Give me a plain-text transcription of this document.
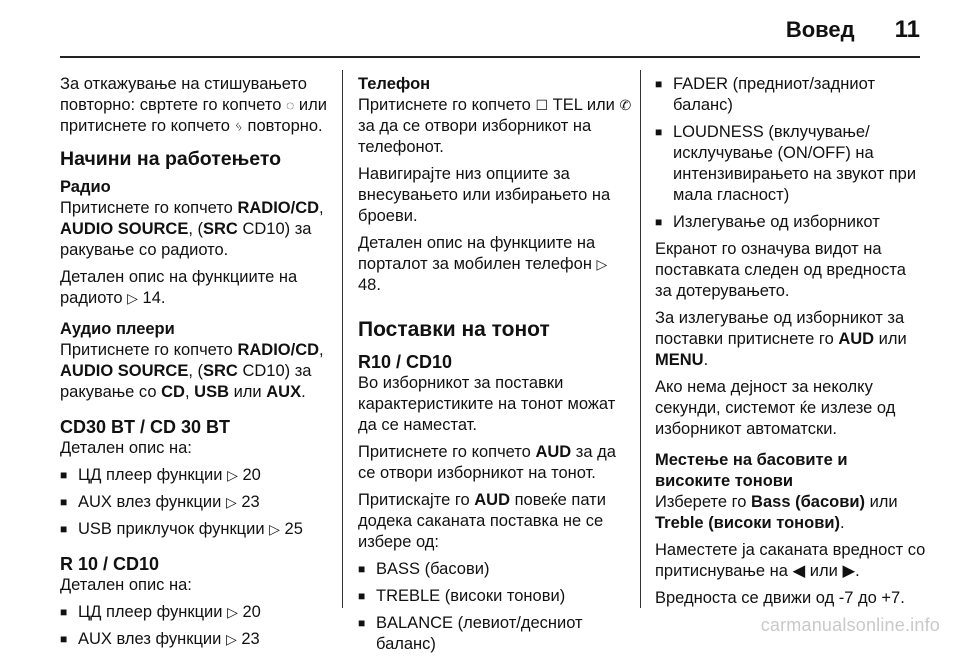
Вовед 11

За откажување на стишувањето повторно: свртете го копчето ◌ или притиснете го копчето ᛃ повторно.

Начини на работењето
Радио

Притиснете го копчето RADIO/CD, AUDIO SOURCE, (SRC CD10) за ракување со радиото.

Детален опис на функциите на радиото ▷ 14.

Аудио плеери

Притиснете го копчето RADIO/CD, AUDIO SOURCE, (SRC CD10) за ракување со CD, USB или AUX.

CD30 BT / CD 30 BT

Детален опис на:

■ ЦД плеер функции ▷ 20
■ AUX влез функции ▷ 23
■ USB приклучок функции ▷ 25
R 10 / CD10

Детален опис на:

■ ЦД плеер функции ▷ 20
■ AUX влез функции ▷ 23
Телефон

Притиснете го копчето ☐ TEL или ✆ за да се отвори изборникот на телефонот.

Навигирајте низ опциите за внесувањето или избирањето на броеви.

Детален опис на функциите на порталот за мобилен телефон ▷ 48.

Поставки на тонот
R10 / CD10

Во изборникот за поставки карактеристиките на тонот можат да се наместат.

Притиснете го копчето AUD за да се отвори изборникот на тонот.

Притискајте го AUD повеќе пати додека саканата поставка не се избере од:

■ BASS (басови)
■ TREBLE (високи тонови)
■ BALANCE (левиот/десниот баланс)
■ FADER (предниот/задниот баланс)
■ LOUDNESS (вклучување/ исклучување (ON/OFF) на интензивирањето на звукот при мала гласност)
■ Излегување од изборникот

Екранот го означува видот на поставката следен од вредноста за дотерувањето.

За излегување од изборникот за поставки притиснете го AUD или MENU.

Ако нема дејност за неколку секунди, системот ќе излезе од изборникот автоматски.

Местење на басовите и високите тонови

Изберете го Bass (басови) или Treble (високи тонови).

Наместете ја саканата вредност со притиснување на ◀ или ▶.

Вредноста се движи од -7 до +7.

carmanualsonline.info
